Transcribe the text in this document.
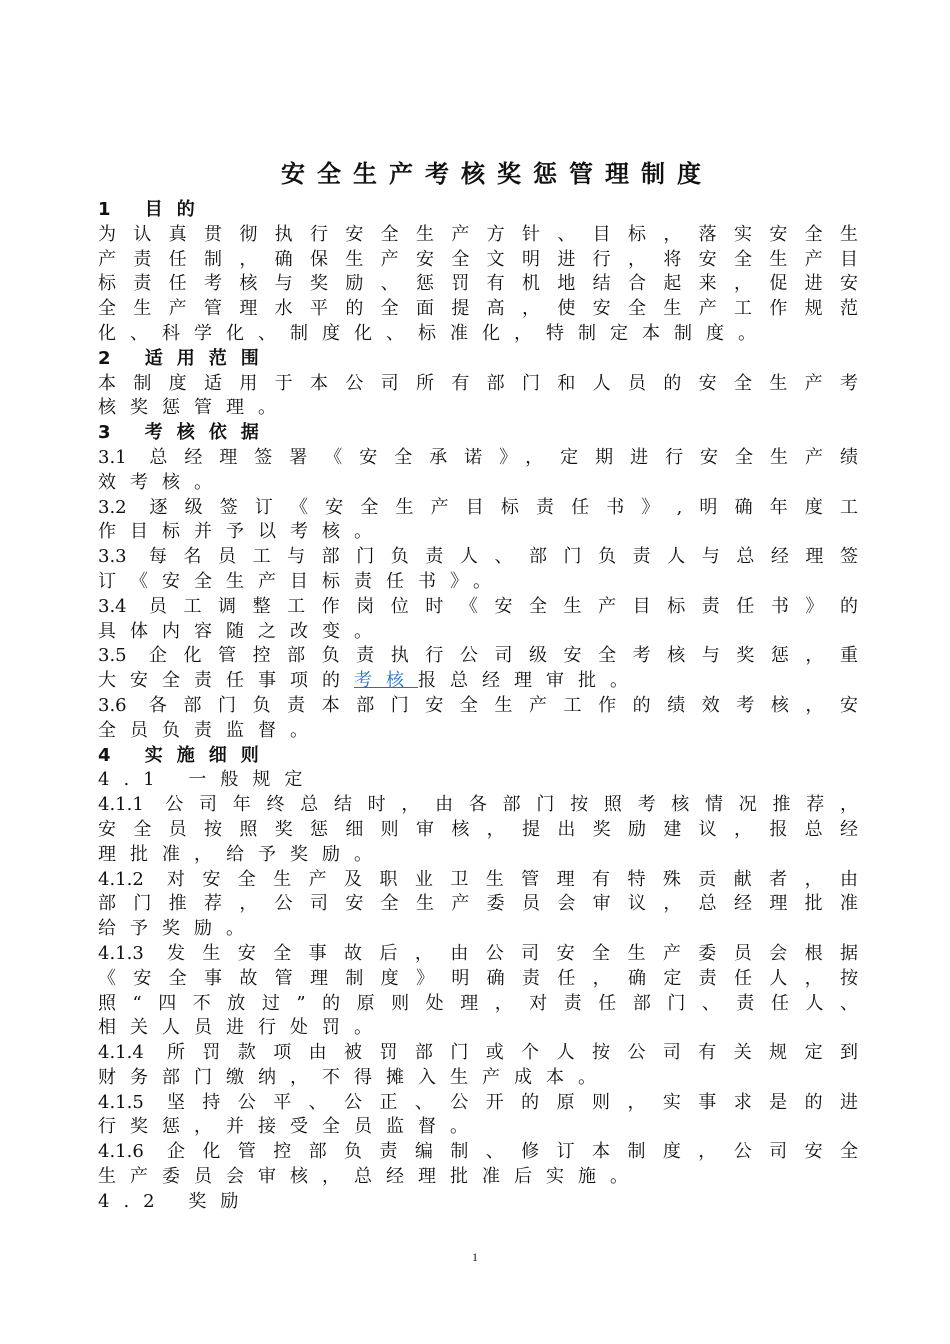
安全生产考核奖惩管理制度
1 目的
为认真贯彻执行安全生产方针、目标，落实安全生
产责任制，确保生产安全文明进行，将安全生产目
标责任考核与奖励、惩罚有机地结合起来，促进安
全生产管理水平的全面提高，使安全生产工作规范
化、科学化、制度化、标准化，特制定本制度。
2 适用范围
本制度适用于本公司所有部门和人员的安全生产考
核奖惩管理。
3 考核依据
3.1 总经理签署《安全承诺》，定期进行安全生产绩
效考核。
3.2 逐级签订《安全生产目标责任书》,明确年度工
作目标并予以考核。
3.3 每名员工与部门负责人、部门负责人与总经理签
订《安全生产目标责任书》。
3.4 员工调整工作岗位时《安全生产目标责任书》的
具体内容随之改变。
3.5 企化管控部负责执行公司级安全考核与奖惩，重
大安全责任事项的考核报总经理审批。
3.6 各部门负责本部门安全生产工作的绩效考核，安
全员负责监督。
4 实施细则
4.1 一般规定
4.1.1 公司年终总结时，由各部门按照考核情况推荐，
安全员按照奖惩细则审核，提出奖励建议，报总经
理批准，给予奖励。
4.1.2 对安全生产及职业卫生管理有特殊贡献者，由
部门推荐，公司安全生产委员会审议，总经理批准
给予奖励。
4.1.3 发生安全事故后，由公司安全生产委员会根据
《安全事故管理制度》明确责任，确定责任人，按
照“四不放过”的原则处理，对责任部门、责任人、
相关人员进行处罚。
4.1.4 所罚款项由被罚部门或个人按公司有关规定到
财务部门缴纳，不得摊入生产成本。
4.1.5 坚持公平、公正、公开的原则，实事求是的进
行奖惩，并接受全员监督。
4.1.6 企化管控部负责编制、修订本制度，公司安全
生产委员会审核，总经理批准后实施。
4.2 奖励
1
